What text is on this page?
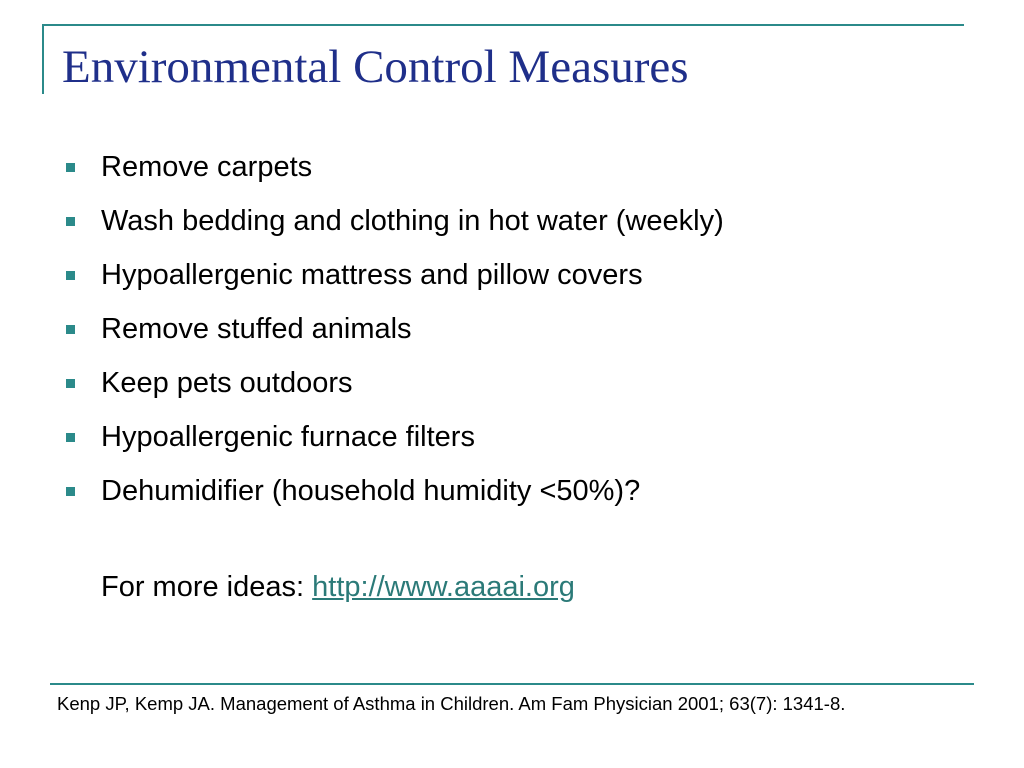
Environmental Control Measures
Remove carpets
Wash bedding and clothing in hot water (weekly)
Hypoallergenic mattress and pillow covers
Remove stuffed animals
Keep pets outdoors
Hypoallergenic furnace filters
Dehumidifier (household humidity <50%)?
For more ideas: http://www.aaaai.org
Kenp JP, Kemp JA. Management of Asthma in Children. Am Fam Physician 2001; 63(7): 1341-8.
